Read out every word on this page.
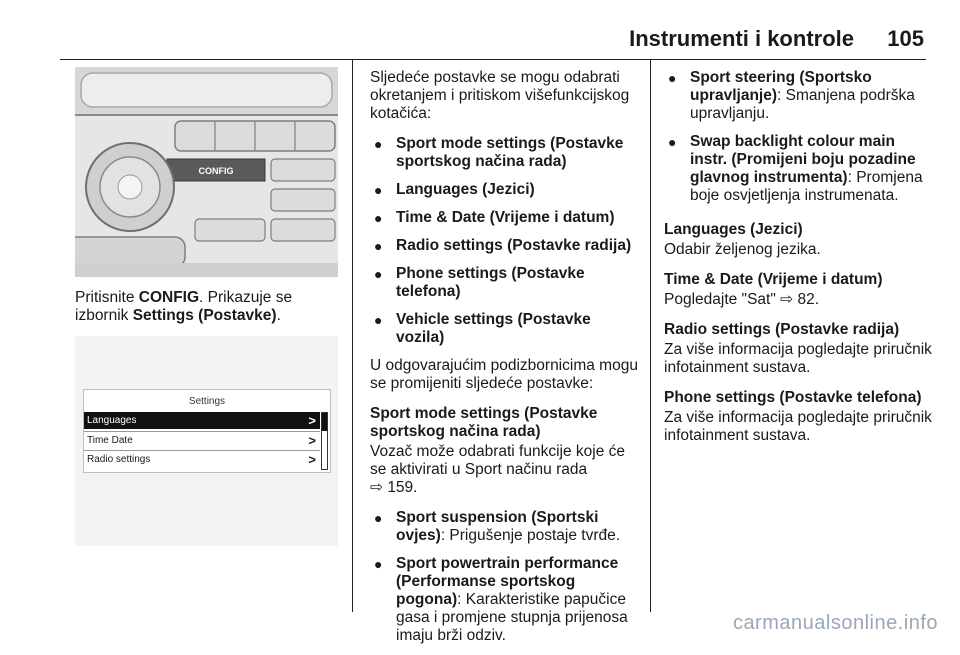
Instrumenti i kontrole 105
CONFIG
Pritisnite CONFIG. Prikazuje se izbornik Settings (Postavke).
Settings
Languages	>
Time Date	>
Radio settings	>

Sljedeće postavke se mogu odabrati okretanjem i pritiskom višefunkcijskog kotačića:

● Sport mode settings (Postavke sportskog načina rada)
● Languages (Jezici)
● Time & Date (Vrijeme i datum)
● Radio settings (Postavke radija)
● Phone settings (Postavke telefona)
● Vehicle settings (Postavke vozila)

U odgovarajućim podizbornicima mogu se promijeniti sljedeće postavke:

Sport mode settings (Postavke sportskog načina rada)

Vozač može odabrati funkcije koje će se aktivirati u Sport načinu rada
⇨ 159.

● Sport suspension (Sportski ovjes): Prigušenje postaje tvrđe.
● Sport powertrain performance (Performanse sportskog pogona): Karakteristike papučice gasa i promjene stupnja prijenosa imaju brži odziv.
● Sport steering (Sportsko upravljanje): Smanjena podrška upravljanju.
● Swap backlight colour main instr. (Promijeni boju pozadine glavnog instrumenta): Promjena boje osvjetljenja instrumenata.

Languages (Jezici)

Odabir željenog jezika.

Time & Date (Vrijeme i datum)

Pogledajte "Sat" ⇨ 82.

Radio settings (Postavke radija)

Za više informacija pogledajte priručnik infotainment sustava.

Phone settings (Postavke telefona)

Za više informacija pogledajte priručnik infotainment sustava.

carmanualsonline.info
